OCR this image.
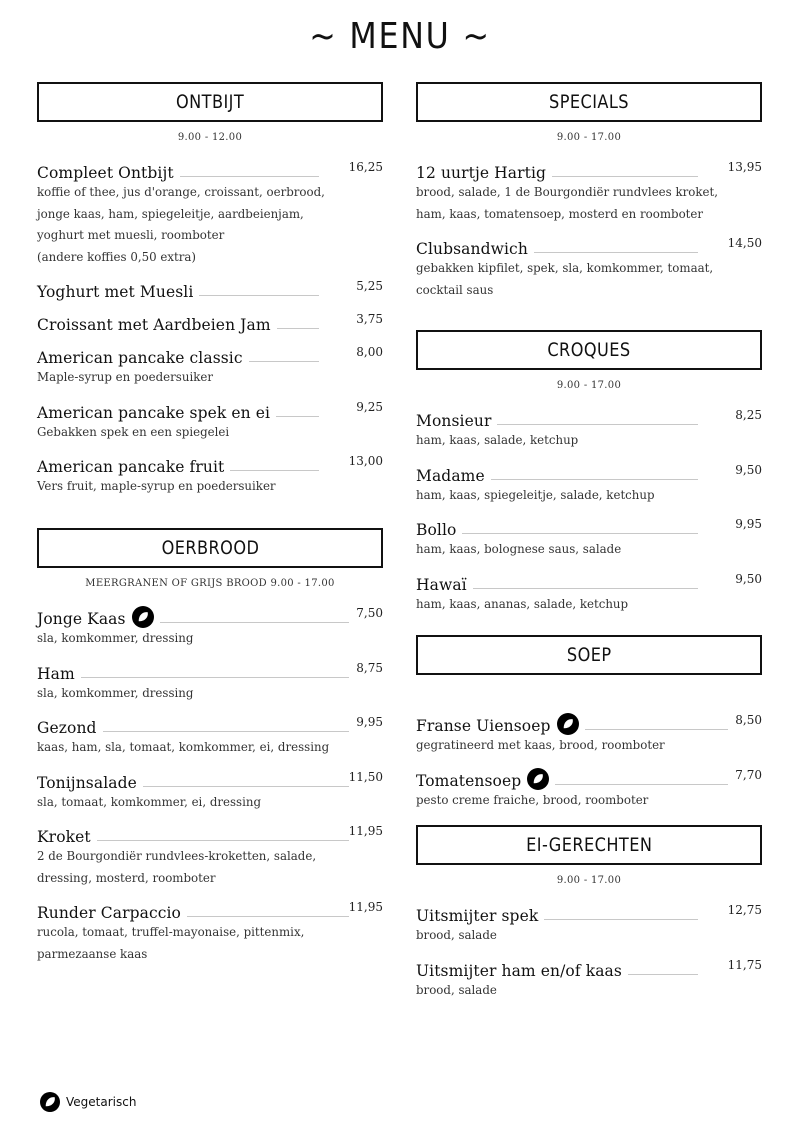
~ MENU ~
ONTBIJT
9.00 - 12.00
Compleet Ontbijt	16,25
koffie of thee, jus d'orange, croissant, oerbrood,
jonge kaas, ham, spiegeleitje, aardbeienjam,
yoghurt met muesli, roomboter
(andere koffies 0,50 extra)
Yoghurt met Muesli	5,25
Croissant met Aardbeien Jam	3,75
American pancake classic	8,00
Maple-syrup en poedersuiker
American pancake spek en ei	9,25
Gebakken spek en een spiegelei
American pancake fruit	13,00
Vers fruit, maple-syrup en poedersuiker
OERBROOD
MEERGRANEN OF GRIJS BROOD 9.00 - 17.00
Jonge Kaas	7,50
sla, komkommer, dressing
Ham	8,75
sla, komkommer, dressing
Gezond	9,95
kaas, ham, sla, tomaat, komkommer, ei, dressing
Tonijnsalade	11,50
sla, tomaat, komkommer, ei, dressing
Kroket	11,95
2 de Bourgondiër rundvlees-kroketten, salade,
dressing, mosterd, roomboter
Runder Carpaccio	11,95
rucola, tomaat, truffel-mayonaise, pittenmix,
parmezaanse kaas
SPECIALS
9.00 - 17.00
12 uurtje Hartig	13,95
brood, salade, 1 de Bourgondiër rundvlees kroket,
ham, kaas, tomatensoep, mosterd en roomboter
Clubsandwich	14,50
gebakken kipfilet, spek, sla, komkommer, tomaat,
cocktail saus
CROQUES
9.00 - 17.00
Monsieur	8,25
ham, kaas, salade, ketchup
Madame	9,50
ham, kaas, spiegeleitje, salade, ketchup
Bollo	9,95
ham, kaas, bolognese saus, salade
Hawaï	9,50
ham, kaas, ananas, salade, ketchup
SOEP
Franse Uiensoep	8,50
gegratineerd met kaas, brood, roomboter
Tomatensoep	7,70
pesto creme fraiche, brood, roomboter
EI-GERECHTEN
9.00 - 17.00
Uitsmijter spek	12,75
brood, salade
Uitsmijter ham en/of kaas	11,75
brood, salade
Vegetarisch
